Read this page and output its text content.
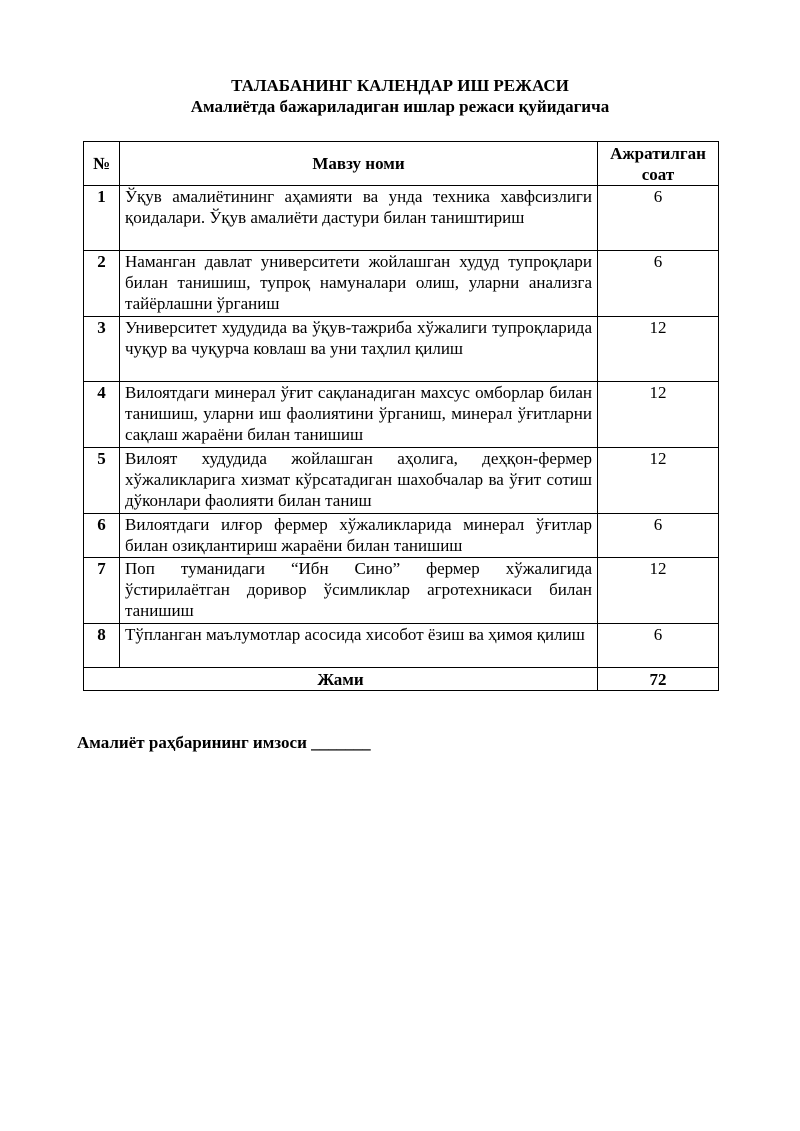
ТАЛАБАНИНГ КАЛЕНДАР ИШ РЕЖАСИ
Амалиётда бажариладиган ишлар режаси қуйидагича
№	Мавзу номи	Ажратилган соат
1	Ўқув амалиётининг аҳамияти ва унда техника хавфсизлиги қоидалари. Ўқув амалиёти дастури билан таништириш	6
2	Наманган давлат университети жойлашган худуд тупроқлари билан танишиш, тупроқ намуналари олиш, уларни анализга тайёрлашни ўрганиш	6
3	Университет худудида ва ўқув-тажриба хўжалиги тупроқларида чуқур ва чуқурча ковлаш ва уни таҳлил қилиш	12
4	Вилоятдаги минерал ўғит сақланадиган махсус омборлар билан танишиш, уларни иш фаолиятини ўрганиш, минерал ўғитларни сақлаш жараёни билан танишиш	12
5	Вилоят худудида жойлашган аҳолига, деҳқон-фермер хўжаликларига хизмат кўрсатадиган шахобчалар ва ўғит сотиш дўконлари фаолияти билан таниш	12
6	Вилоятдаги илғор фермер хўжаликларида минерал ўғитлар билан озиқлантириш жараёни билан танишиш	6
7	Поп туманидаги “Ибн Сино” фермер хўжалигида ўстирилаётган доривор ўсимликлар агротехникаси билан танишиш	12
8	Тўпланган маълумотлар асосида хисобот ёзиш ва ҳимоя қилиш	6
Жами		72
Амалиёт раҳбарининг имзоси _______
